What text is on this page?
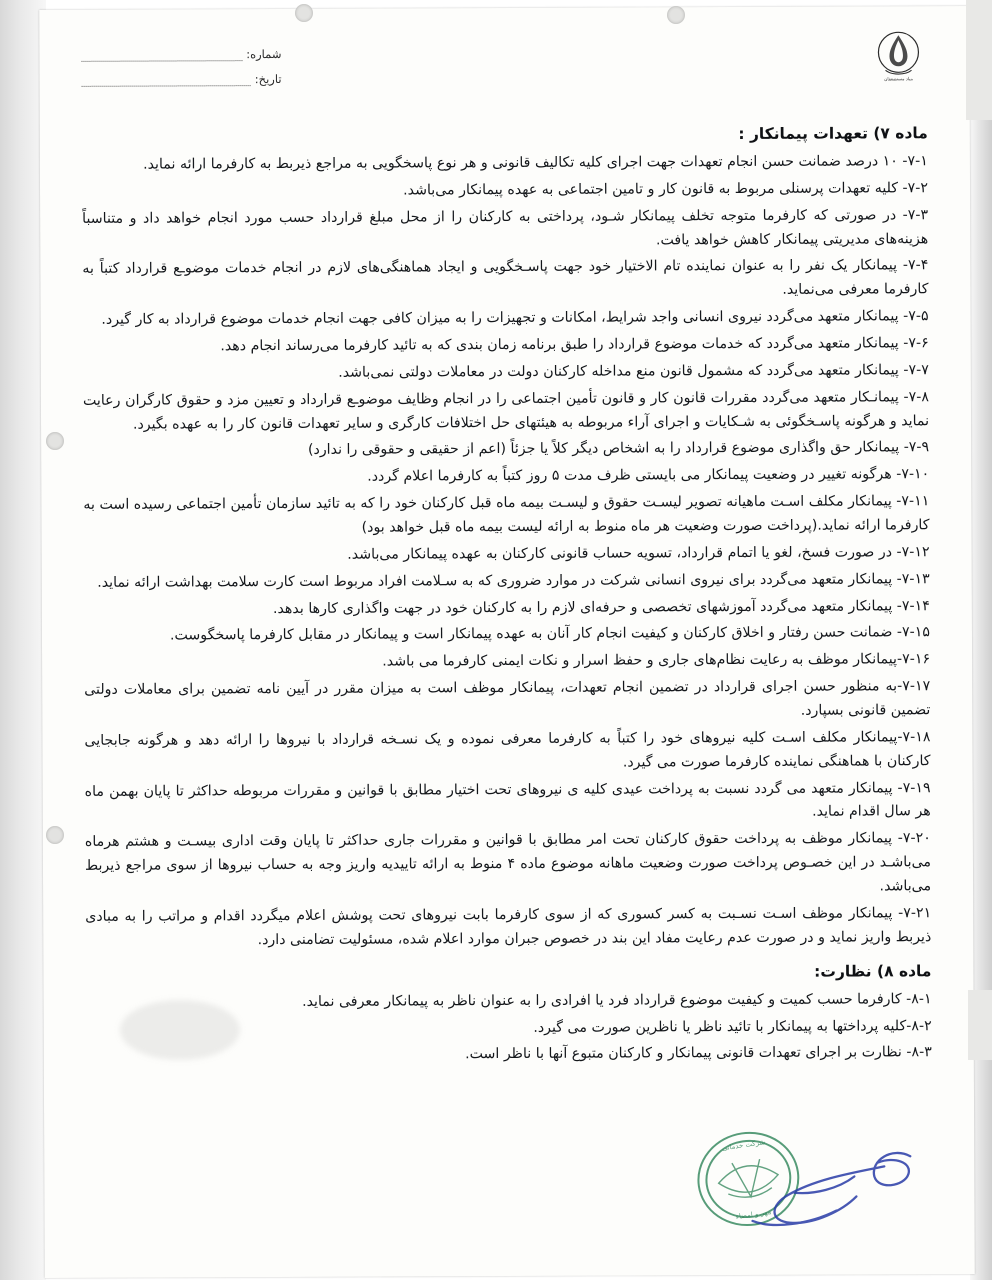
بنیاد مستضعفان
شماره:
تاریخ:
ماده ۷) تعهدات پیمانکار :

۷-۱- ۱۰ درصد ضمانت حسن انجام تعهدات جهت اجرای کلیه تکالیف قانونی و هر نوع پاسخگویی به مراجع ذیربط به کارفرما ارائه نماید.

۷-۲- کلیه تعهدات پرسنلی مربوط به قانون کار و تامین اجتماعی به عهده پیمانکار می‌باشد.

۷-۳- در صورتی که کارفرما متوجه تخلف پیمانکار شـود، پرداختی به کارکنان را از محل مبلغ قرارداد حسب مورد انجام خواهد داد و متناسباً هزینه‌های مدیریتی پیمانکار کاهش خواهد یافت.

۷-۴- پیمانکار یک نفر را به عنوان نماینده تام الاختیار خود جهت پاسـخگویی و ایجاد هماهنگی‌های لازم در انجام خدمات موضوـع قرارداد کتباً به کارفرما معرفی می‌نماید.

۷-۵- پیمانکار متعهد می‌گردد نیروی انسانی واجد شرایط، امکانات و تجهیزات را به میزان کافی جهت انجام خدمات موضوع قرارداد به کار گیرد.

۷-۶- پیمانکار متعهد می‌گردد که خدمات موضوع قرارداد را طبق برنامه زمان بندی که به تائید کارفرما می‌رساند انجام دهد.

۷-۷- پیمانکار متعهد می‌گردد که مشمول قانون منع مداخله کارکنان دولت در معاملات دولتی نمی‌باشد.

۷-۸- پیمانـکار متعهد می‌گردد مقررات قانون کار و قانون تأمین اجتماعی را در انجام وظایف موضوـع قرارداد و تعیین مزد و حقوق کارگران رعایت نماید و هرگونه پاسـخگوئی به شـکایات و اجرای آراء مربوطه به هیئتهای حل اختلافات کارگری و سایر تعهدات قانون کار را به عهده بگیرد.

۷-۹- پیمانکار حق واگذاری موضوع قرارداد را به اشخاص دیگر کلاً یا جزئاً (اعم از حقیقی و حقوقی را ندارد)

۷-۱۰- هرگونه تغییر در وضعیت پیمانکار می بایستی ظرف مدت ۵ روز کتباً به کارفرما اعلام گردد.

۷-۱۱- پیمانکار مکلف اسـت ماهیانه تصویر لیسـت حقوق و لیسـت بیمه ماه قبل کارکنان خود را که به تائید سازمان تأمین اجتماعی رسیده است به کارفرما ارائه نماید.(پرداخت صورت وضعیت هر ماه منوط به ارائه لیست بیمه ماه قبل خواهد بود)

۷-۱۲- در صورت فسخ، لغو یا اتمام قرارداد، تسویه حساب قانونی کارکنان به عهده پیمانکار می‌باشد.

۷-۱۳- پیمانکار متعهد می‌گردد برای نیروی انسانی شرکت در موارد ضروری که به سـلامت افراد مربوط است کارت سلامت بهداشت ارائه نماید.

۷-۱۴- پیمانکار متعهد می‌گردد آموزشهای تخصصی و حرفه‌ای لازم را به کارکنان خود در جهت واگذاری کارها بدهد.

۷-۱۵- ضمانت حسن رفتار و اخلاق کارکنان و کیفیت انجام کار آنان به عهده پیمانکار است و پیمانکار در مقابل کارفرما پاسخگوست.

۷-۱۶-پیمانکار موظف به رعایت نظام‌های جاری و حفظ اسرار و نکات ایمنی کارفرما می باشد.

۷-۱۷-به منظور حسن اجرای قرارداد در تضمین انجام تعهدات، پیمانکار موظف است به میزان مقرر در آیین نامه تضمین برای معاملات دولتی تضمین قانونی بسپارد.

۷-۱۸-پیمانکار مکلف اسـت کلیه نیروهای خود را کتباً به کارفرما معرفی نموده و یک نسـخه قرارداد با نیروها را ارائه دهد و هرگونه جابجایی کارکنان با هماهنگی نماینده کارفرما صورت می گیرد.

۷-۱۹- پیمانکار متعهد می گردد نسبت به پرداخت عیدی کلیه ی نیروهای تحت اختیار مطابق با قوانین و مقررات مربوطه حداکثر تا پایان بهمن ماه هر سال اقدام نماید.

۷-۲۰- پیمانکار موظف به پرداخت حقوق کارکنان تحت امر مطابق با قوانین و مقررات جاری حداکثر تا پایان وقت اداری بیسـت و هشتم هرماه می‌باشـد در این خصـوص پرداخت صورت وضعیت ماهانه موضوع ماده ۴ منوط به ارائه تاییدیه واریز وجه به حساب نیروها از سوی مراجع ذیربط می‌باشد.

۷-۲۱- پیمانکار موظف اسـت نسـبت به کسر کسوری که از سوی کارفرما بابت نیروهای تحت پوشش اعلام میگردد اقدام و مراتب را به مبادی ذیربط واریز نماید و در صورت عدم رعایت مفاد این بند در خصوص جبران موارد اعلام شده، مسئولیت تضامنی دارد.

ماده ۸) نظارت:

۸-۱- کارفرما حسب کمیت و کیفیت موضوع قرارداد فرد یا افرادی را به عنوان ناظر به پیمانکار معرفی نماید.

۸-۲-کلیه پرداختها به پیمانکار با تائید ناظر یا ناظرین صورت می گیرد.

۸-۳- نظارت بر اجرای تعهدات قانونی پیمانکار و کارکنان متبوع آنها با ناظر است.

شرکت خدماتی
مهر و امضاء
